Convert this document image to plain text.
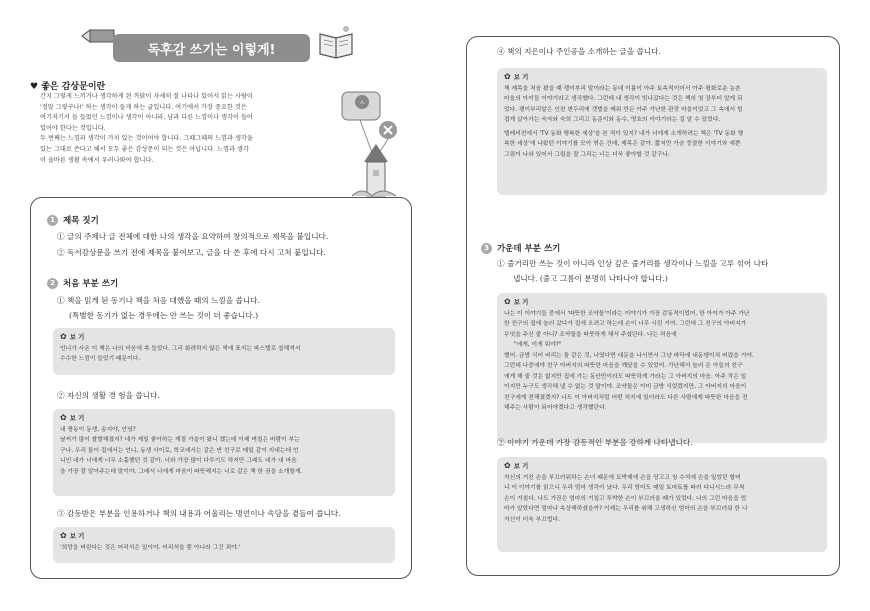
독후감 쓰기는 이렇게!
♥ 좋은 감상문이란

간지 그렇게 느끼거나 생각하게 된 까닭이 자세히 잘 나타나 있어서 읽는 사람이

'정말 그렇구나!' 하는 생각이 들게 하는 글입니다. 여기에서 가장 중요한 것은

여기저기서 들 들었던 느낌이나 생각이 아니라, 남과 다른 느낌이나 생각이 들어

있어야 한다는 것입니다.

두 번째는 느낌과 생각이 가치 있는 것이어야 합니다. 그때그때의 느낌과 생각을

있는 그대로 쓴다고 해서 모두 좋은 감상문이 되는 것은 아닙니다. 느낌과 생각

이 올바른 생활 속에서 우러나와야 합니다.

ㅅ
1 제목 짓기
① 글의 주제나 글 전체에 대한 나의 생각을 요약하여 창의적으로 제목을 붙입니다.
② 독서감상문을 쓰기 전에 제목을 붙여보고, 글을 다 쓴 후에 다시 고쳐 붙입니다.
2 처음 부분 쓰기
① 책을 읽게 된 동기나 책을 처음 대했을 때의 느낌을 씁니다.
(특별한 동기가 없는 경우에는 안 쓰는 것이 더 좋습니다.)
✿ 보 기
언니가 사온 이 책은 나의 마음에 쏙 들었다. 그리 화려하지 않은 색에 표지는 파스텔로 칠해져서
수수한 느낌이 들었기 때문이다.
② 자신의 생활 경 험을 씁니다.
✿ 보 기
내 짱동이 동생, 송지야, 안녕?
날씨가 많이 쌀쌀해졌지? 네가 제일 좋아하는 계절 가을이 왔니 했는데 이제 며칠은 바람이 부는
구나. 우리 둘이 집에서는 언니, 동생 사이로, 학교에서는 같은 반 친구로 매일 같이 지내는데 언
니인 내가 너에게 너무 소홀했던 것 같아. 너와 가장 많이 다투기도 하지만 그래도 네가 내 마음
을 가장 잘 알아주는데 말이야. 그래서 너에게 마음이 따뜻해지는 너로 같은 책 한 권을 소개할게.
③ 감동받은 부분을 인용하거나 책의 내용과 어울리는 명언이나 속담을 곁들여 씁니다.
✿ 보 기
'희망을 버린다는 것은 어리석은 일이야. 어리석을 뿐 아니라 그건 죄야.'
④ 책의 지은이나 주인공을 소개하는 글을 씁니다.
✿ 보 기
책 제목을 처음 봤을 때 캥이부리 말이라는 동네 이름이 아주 토속적이어서 아주 평화로운 농촌
마을의 아이들 이야기라고 생각했다. 그런데 내 생각이 빗나갔다는 것은 책의 첫 장부터 알게 되
었다. 괭이부리말은 인천 변두리에 갯벌을 메워 만든 아주 가난한 판잣 마을이었고 그 속에서 힘
겹게 살아가는 숙자와 숙희 그리고 동준이와 동수, 영호의 이야기라는 걸 알 수 있었다.
텔레비전에서 'TV 동화 행복한 세상'을 본 적이 있지? 내가 너에게 소개하려는 책은 'TV 동화 행
복한 세상'에 나왔던 이야기를 모아 엮은 건데, 제목은 같아. 짧지만 가슴 뭉클한 이야기와 예쁜
그림이 나와 있어서 그림을 잘 그리는 너는 더욱 좋아할 것 같구나.
3 가운데 부분 쓰기
① 줄거리만 쓰는 것이 아니라 인상 깊은 줄거리를 생각이나 느낌을 고루 섞어 나타
냅니다. (줄고 그름이 분명히 나타나야 합니다.)
✿ 보 기
나는 이 이야기들 중에서 '따뜻한 조약돌'이라는 이야기가 가장 감동적이었어. 한 아이가 아주 가난
한 친구의 집에 놀러 갔다가 집에 오려고 하는데 손이 너무 시린 거야. 그런데 그 친구의 아버지가
무엇을 주신 줄 아니? 조약돌을 따뜻하게 해서 주셨단다. 나는 처음에
"에게, 이게 뭐야?"
했어. 금방 식어 버리는 돌 같은 것, 나였다면 대문을 나서면서 그냥 바닥에 내동댕이쳐 버렸을 거야.
그런데 나중에야 친구 아버지의 따뜻한 마음을 깨달을 수 있었어. 가난해서 놀러 온 아들의 친구
에게 해 줄 것은 없지만 집에 가는 동안만이라도 따뜻하게 가라는 그 아버지의 마음. 아주 작은 일
이지만 누구도 생각해 낼 수 없는 것 말이야. 조약돌은 이미 금방 식었겠지만, 그 아버지의 마음이
친구에게 전해졌겠지? 나도 이 아버지처럼 어떤 처지에 있더라도 다른 사람에게 따뜻한 마음을 전
해주는 사람이 되어야겠다고 생각했단다.
② 이야기 가운데 가장 감동적인 부분을 강하게 나타냅니다.
✿ 보 기
자신의 거친 손을 부끄러워하는 손녀 때문에 묘박제에 손을 당고고 청 수석에 손을 일었던 할머
니 이 이야기를 읽으니 우리 엄마 생각이 났다. 우리 엄마도 매일 토마토를 따러 다니시느라 무척
손이 거칠다. 나도 가끔은 엄마의 거칠고 투박한 손이 부끄러울 때가 있었다. 나의 그런 마음을 엄
마가 알았다면 얼마나 속상해하셨을까? 이제는 우리를 위해 고생하신 엄마의 손을 부끄러워 한 나
자신이 더욱 부끄럽다.
